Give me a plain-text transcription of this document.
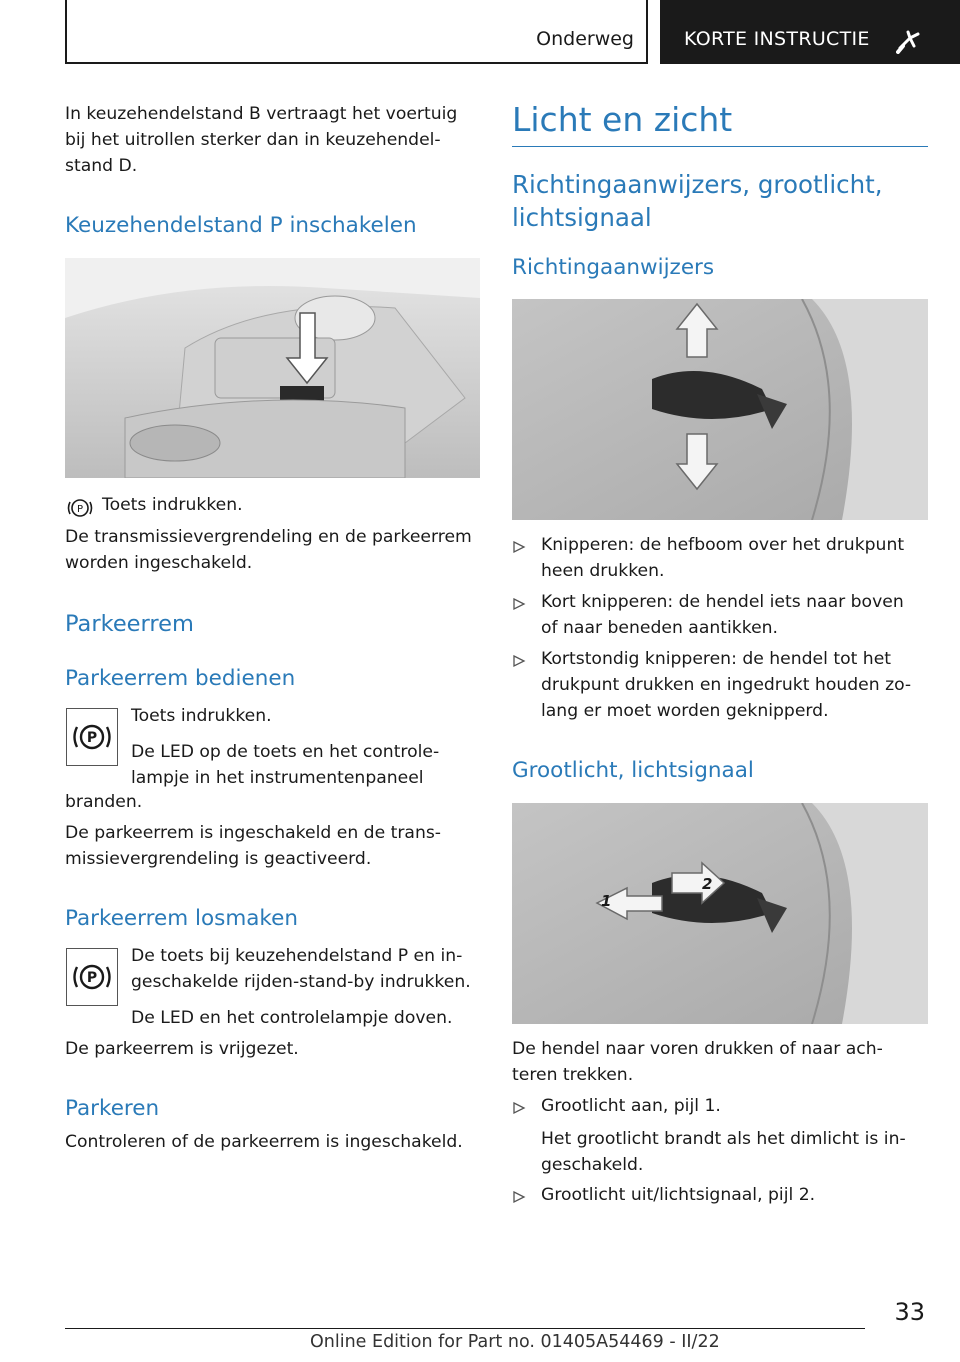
Onderweg	KORTE INSTRUCTIE

In keuzehendelstand B vertraagt het voertuig

bij het uitrollen sterker dan in keuzehendel-

stand D.

Keuzehendelstand P inschakelen
P Toets indrukken.

De transmissievergrendeling en de parkeerrem

worden ingeschakeld.

Parkeerrem
Parkeerrem bedienen
P

Toets indrukken.

De LED op de toets en het controle-

lampje in het instrumentenpaneel

branden.

De parkeerrem is ingeschakeld en de trans-

missievergrendeling is geactiveerd.

Parkeerrem losmaken
P

De toets bij keuzehendelstand P en in-

geschakelde rijden-stand-by indrukken.

De LED en het controlelampje doven.

De parkeerrem is vrijgezet.

Parkeren

Controleren of de parkeerrem is ingeschakeld.

Licht en zicht

Richtingaanwijzers, grootlicht,

lichtsignaal

Richtingaanwijzers

Knipperen: de hefboom over het drukpunt

heen drukken.

Kort knipperen: de hendel iets naar boven

of naar beneden aantikken.

Kortstondig knipperen: de hendel tot het

drukpunt drukken en ingedrukt houden zo-

lang er moet worden geknipperd.

Grootlicht, lichtsignaal
1
2

De hendel naar voren drukken of naar ach-

teren trekken.

Grootlicht aan, pijl 1.

Het grootlicht brandt als het dimlicht is in-

geschakeld.

Grootlicht uit/lichtsignaal, pijl 2.

33
Online Edition for Part no. 01405A54469 - II/22
